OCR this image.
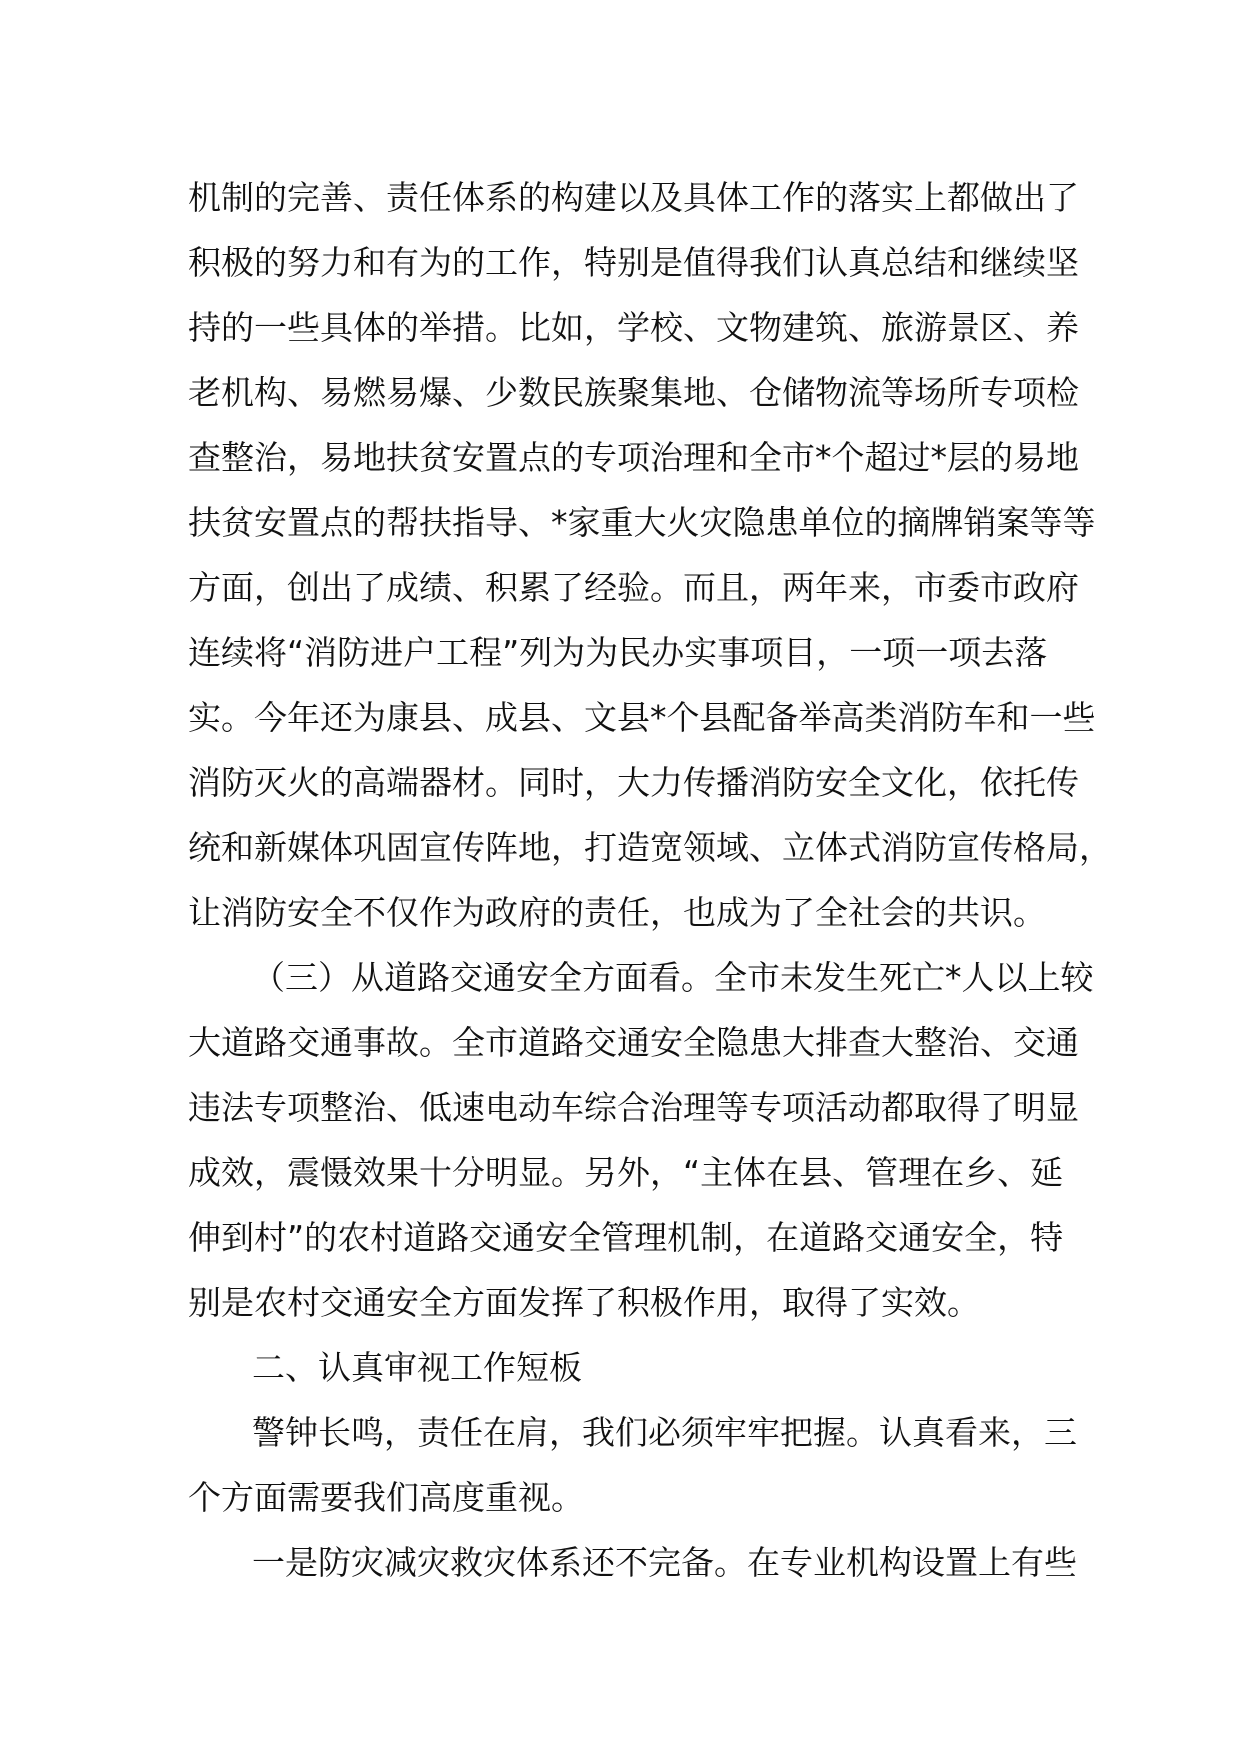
机制的完善、责任体系的构建以及具体工作的落实上都做出了
积极的努力和有为的工作，特别是值得我们认真总结和继续坚
持的一些具体的举措。比如，学校、文物建筑、旅游景区、养
老机构、易燃易爆、少数民族聚集地、仓储物流等场所专项检
查整治，易地扶贫安置点的专项治理和全市*个超过*层的易地
扶贫安置点的帮扶指导、*家重大火灾隐患单位的摘牌销案等等
方面，创出了成绩、积累了经验。而且，两年来，市委市政府
连续将“消防进户工程”列为为民办实事项目，一项一项去落
实。今年还为康县、成县、文县*个县配备举高类消防车和一些
消防灭火的高端器材。同时，大力传播消防安全文化，依托传
统和新媒体巩固宣传阵地，打造宽领域、立体式消防宣传格局，
让消防安全不仅作为政府的责任，也成为了全社会的共识。
（三）从道路交通安全方面看。全市未发生死亡*人以上较
大道路交通事故。全市道路交通安全隐患大排查大整治、交通
违法专项整治、低速电动车综合治理等专项活动都取得了明显
成效，震慑效果十分明显。另外，“主体在县、管理在乡、延
伸到村”的农村道路交通安全管理机制，在道路交通安全，特
别是农村交通安全方面发挥了积极作用，取得了实效。
二、认真审视工作短板
警钟长鸣，责任在肩，我们必须牢牢把握。认真看来，三
个方面需要我们高度重视。
一是防灾减灾救灾体系还不完备。在专业机构设置上有些
